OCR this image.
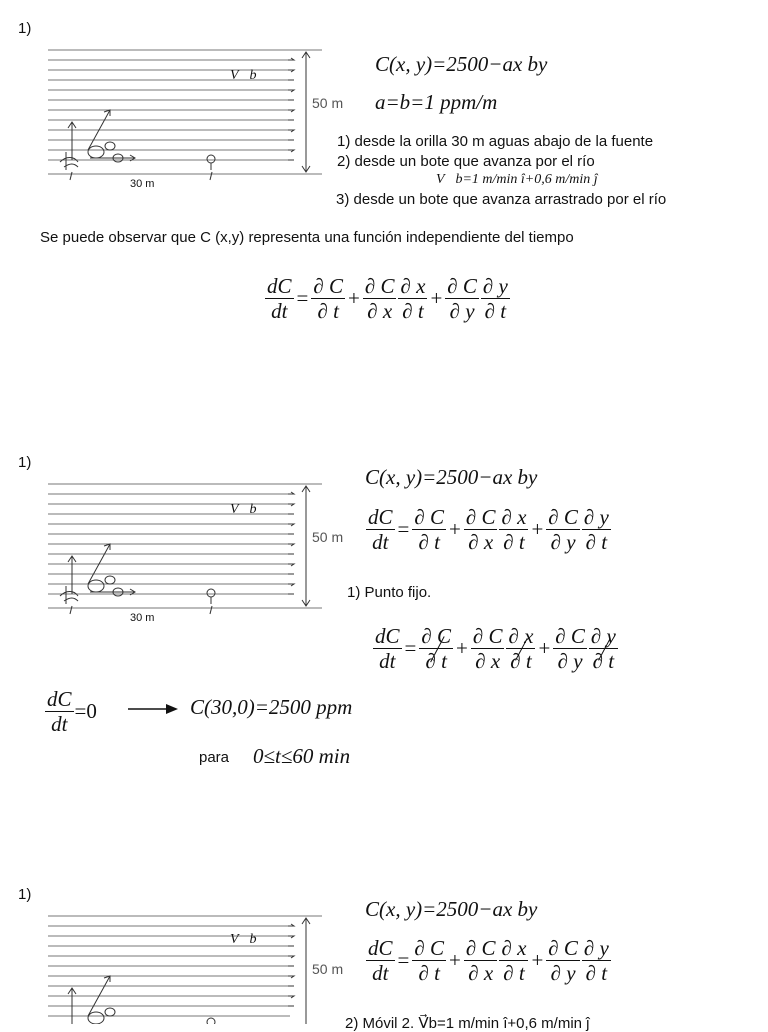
1)
V⃗b
50 m
30 m
C(x, y)=2500−ax by
a=b=1 ppm/m
1) desde la orilla 30 m aguas abajo de la fuente
2) desde un bote que avanza por el río
V⃗b=1 m/min î+0,6 m/min ĵ
3) desde un bote que avanza arrastrado por el río
Se puede observar que C (x,y) representa una función independiente del tiempo
$\frac{dC}{dt} = \frac{\partial C}{\partial t} + \frac{\partial C}{\partial x} \frac{\partial x}{\partial t} + \frac{\partial C}{\partial y} \frac{\partial y}{\partial t}$
1)
V⃗b
50 m
30 m
C(x, y)=2500−ax by
$\frac{dC}{dt} = \frac{\partial C}{\partial t} + \frac{\partial C}{\partial x} \frac{\partial x}{\partial t} + \frac{\partial C}{\partial y} \frac{\partial y}{\partial t}$
1) Punto fijo.
$\frac{dC}{dt} = \frac{\partial C}{\partial t} + \frac{\partial C}{\partial x} \frac{\partial x}{\partial t} + \frac{\partial C}{\partial y} \frac{\partial y}{\partial t}$
$\frac{dC}{dt} =0$	C(30,0)=2500 ppm
para 0≤t≤60 min
1)
V⃗b
50 m
C(x, y)=2500−ax by
$\frac{dC}{dt} = \frac{\partial C}{\partial t} + \frac{\partial C}{\partial x} \frac{\partial x}{\partial t} + \frac{\partial C}{\partial y} \frac{\partial y}{\partial t}$
2) Móvil 2. V⃗b=1 m/min î+0,6 m/min ĵ
